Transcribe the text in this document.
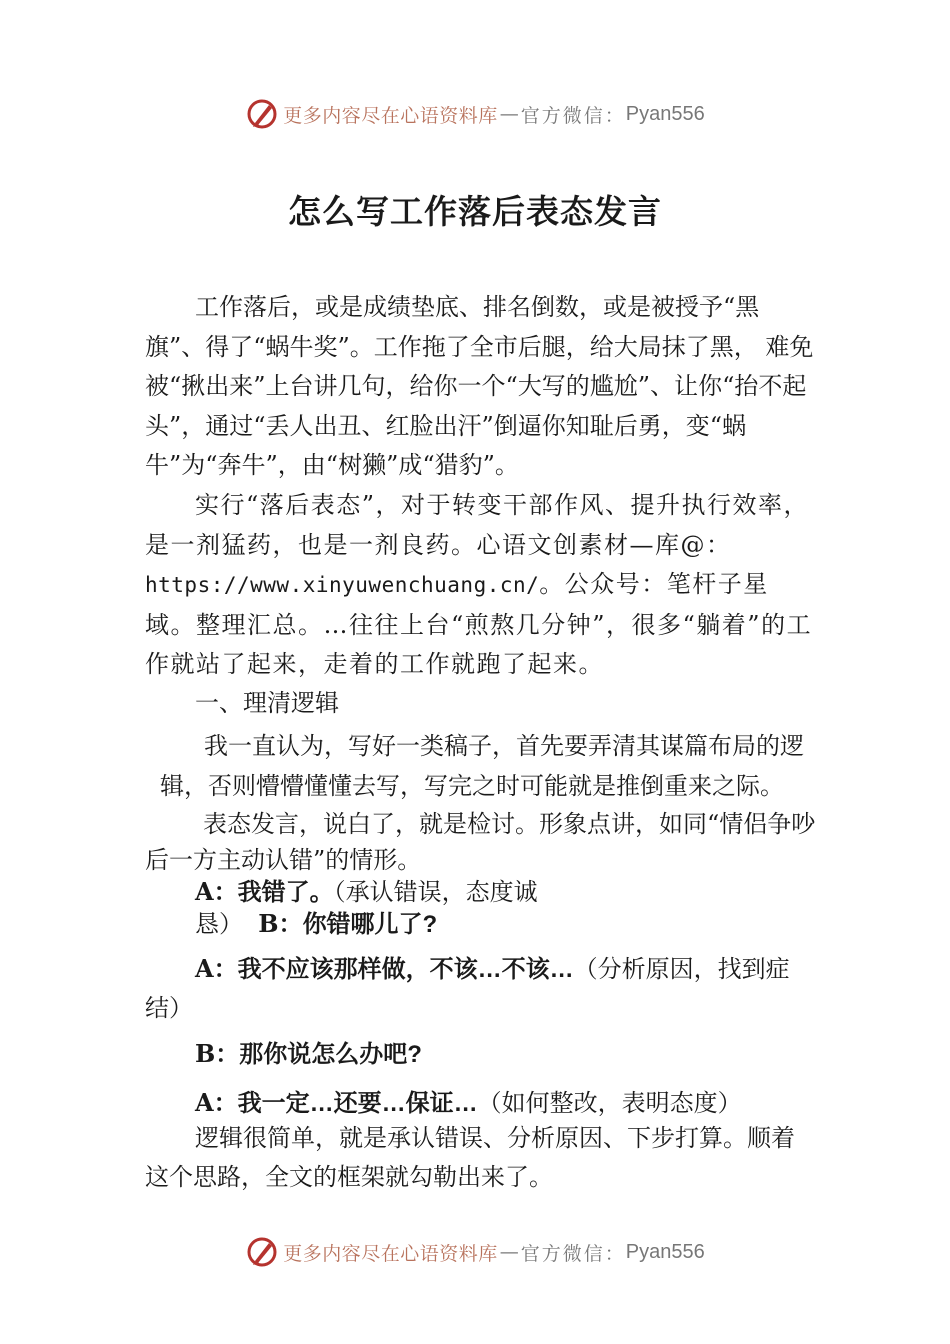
更多内容尽在心语资料库 — 官方微信： Pyan556
怎么写工作落后表态发言

工作落后，或是成绩垫底、排名倒数，或是被授予“黑旗”、得了“蜗牛奖”。工作拖了全市后腿，给大局抹了黑， 难免被“揪出来”上台讲几句，给你一个“大写的尴尬”、让你“抬不起头”，通过“丢人出丑、红脸出汗”倒逼你知耻后勇，变“蜗牛”为“奔牛”，由“树獭”成“猎豹”。

实行“落后表态”，对于转变干部作风、提升执行效率， 是一剂猛药，也是一剂良药。心语文创素材—库@：https://www.xinyuwenchuang.cn/。公众号：笔杆子星域。整理汇总。…往往上台“煎熬几分钟”，很多“躺着”的工作就站了起来，走着的工作就跑了起来。

一、理清逻辑

我一直认为，写好一类稿子，首先要弄清其谋篇布局的逻辑，否则懵懵懂懂去写，写完之时可能就是推倒重来之际。

表态发言，说白了，就是检讨。形象点讲，如同“情侣争吵后一方主动认错”的情形。

A：我错了。（承认错误，态度诚恳） B：你错哪儿了?

A：我不应该那样做，不该…不该…（分析原因，找到症结）

B：那你说怎么办吧?

A：我一定…还要…保证…（如何整改，表明态度）

逻辑很简单，就是承认错误、分析原因、下步打算。顺着这个思路，全文的框架就勾勒出来了。

更多内容尽在心语资料库 — 官方微信： Pyan556
